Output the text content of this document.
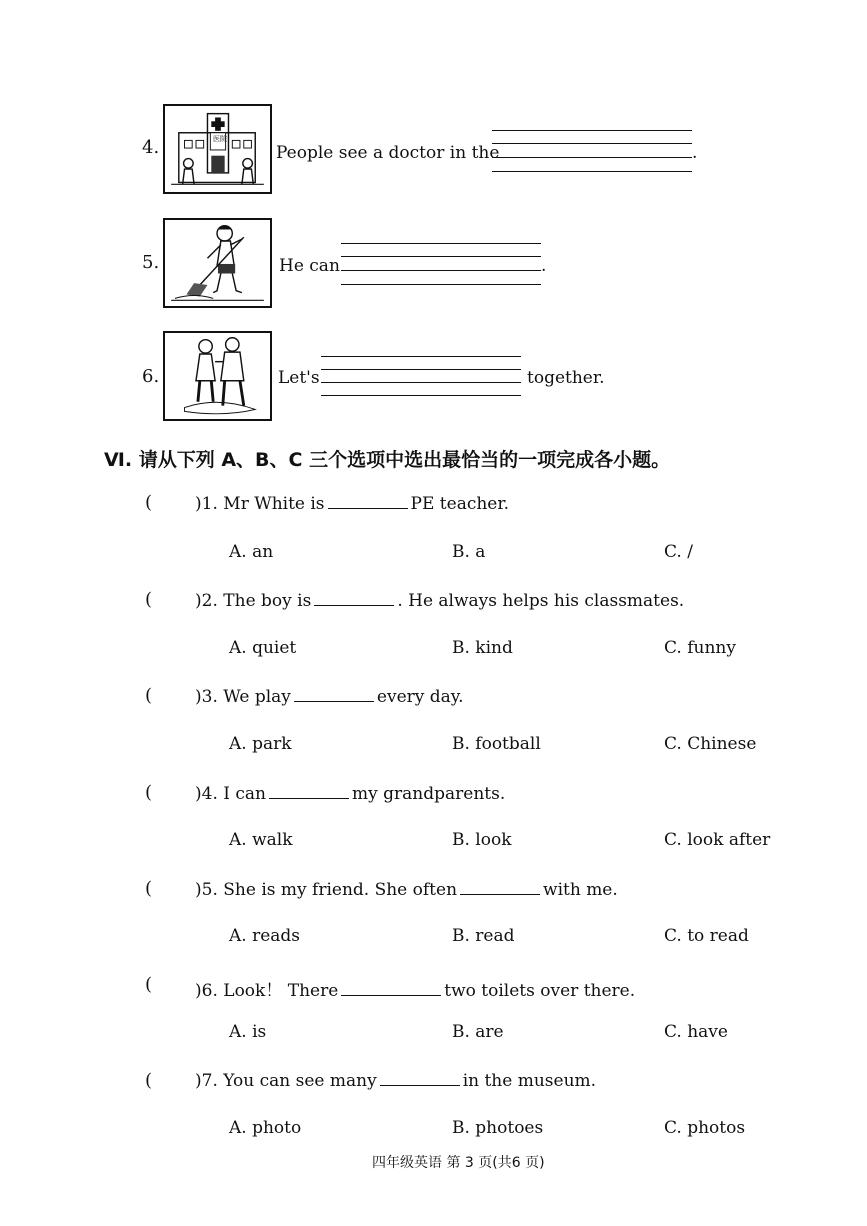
4.	医院
People see a doctor in the	.
5.	He can	.
6.	Let's	together.
Ⅵ. 请从下列 A、B、C 三个选项中选出最恰当的一项完成各小题。
(	)1. Mr White is	PE teacher.
A. an	B. a	C. /
(	)2. The boy is	. He always helps his classmates.
A. quiet	B. kind	C. funny
(	)3. We play	every day.
A. park	B. football	C. Chinese
(	)4. I can	my grandparents.
A. walk	B. look	C. look after
(	)5. She is my friend. She often	with me.
A. reads	B. read	C. to read
(	)6. Look！ There	two toilets over there.
A. is	B. are	C. have
(	)7. You can see many	in the museum.
A. photo	B. photoes	C. photos
四年级英语 第 3 页(共6 页)
